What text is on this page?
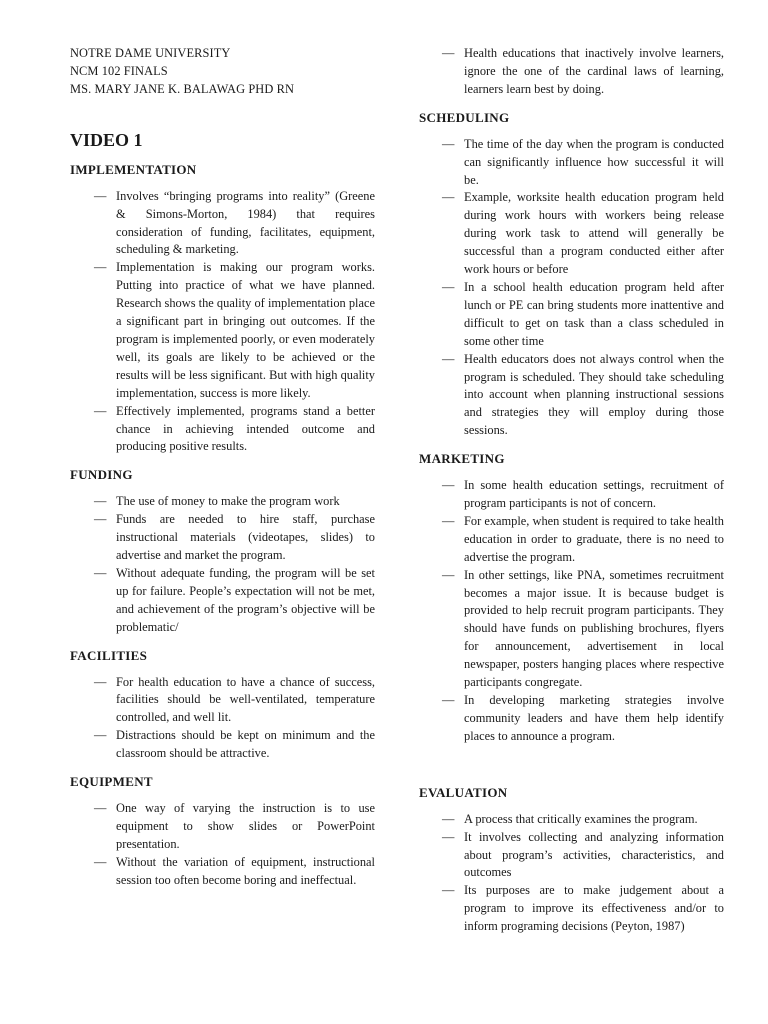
NOTRE DAME UNIVERSITY
NCM 102 FINALS
MS. MARY JANE K. BALAWAG PHD RN
VIDEO 1
IMPLEMENTATION
— Involves “bringing programs into reality” (Greene & Simons-Morton, 1984) that requires consideration of funding, facilitates, equipment, scheduling & marketing.
— Implementation is making our program works. Putting into practice of what we have planned. Research shows the quality of implementation place a significant part in bringing out outcomes. If the program is implemented poorly, or even moderately well, its goals are likely to be achieved or the results will be less significant. But with high quality implementation, success is more likely.
— Effectively implemented, programs stand a better chance in achieving intended outcome and producing positive results.
FUNDING
— The use of money to make the program work
— Funds are needed to hire staff, purchase instructional materials (videotapes, slides) to advertise and market the program.
— Without adequate funding, the program will be set up for failure. People’s expectation will not be met, and achievement of the program’s objective will be problematic/
FACILITIES
— For health education to have a chance of success, facilities should be well-ventilated, temperature controlled, and well lit.
— Distractions should be kept on minimum and the classroom should be attractive.
EQUIPMENT
— One way of varying the instruction is to use equipment to show slides or PowerPoint presentation.
— Without the variation of equipment, instructional session too often become boring and ineffectual.
— Health educations that inactively involve learners, ignore the one of the cardinal laws of learning, learners learn best by doing.
SCHEDULING
— The time of the day when the program is conducted can significantly influence how successful it will be.
— Example, worksite health education program held during work hours with workers being release during work task to attend will generally be successful than a program conducted either after work hours or before
— In a school health education program held after lunch or PE can bring students more inattentive and difficult to get on task than a class scheduled in some other time
— Health educators does not always control when the program is scheduled. They should take scheduling into account when planning instructional sessions and strategies they will employ during those sessions.
MARKETING
— In some health education settings, recruitment of program participants is not of concern.
— For example, when student is required to take health education in order to graduate, there is no need to advertise the program.
— In other settings, like PNA, sometimes recruitment becomes a major issue. It is because budget is provided to help recruit program participants. They should have funds on publishing brochures, flyers for announcement, advertisement in local newspaper, posters hanging places where respective participants congregate.
— In developing marketing strategies involve community leaders and have them help identify places to announce a program.
EVALUATION
— A process that critically examines the program.
— It involves collecting and analyzing information about program’s activities, characteristics, and outcomes
— Its purposes are to make judgement about a program to improve its effectiveness and/or to inform programing decisions (Peyton, 1987)
